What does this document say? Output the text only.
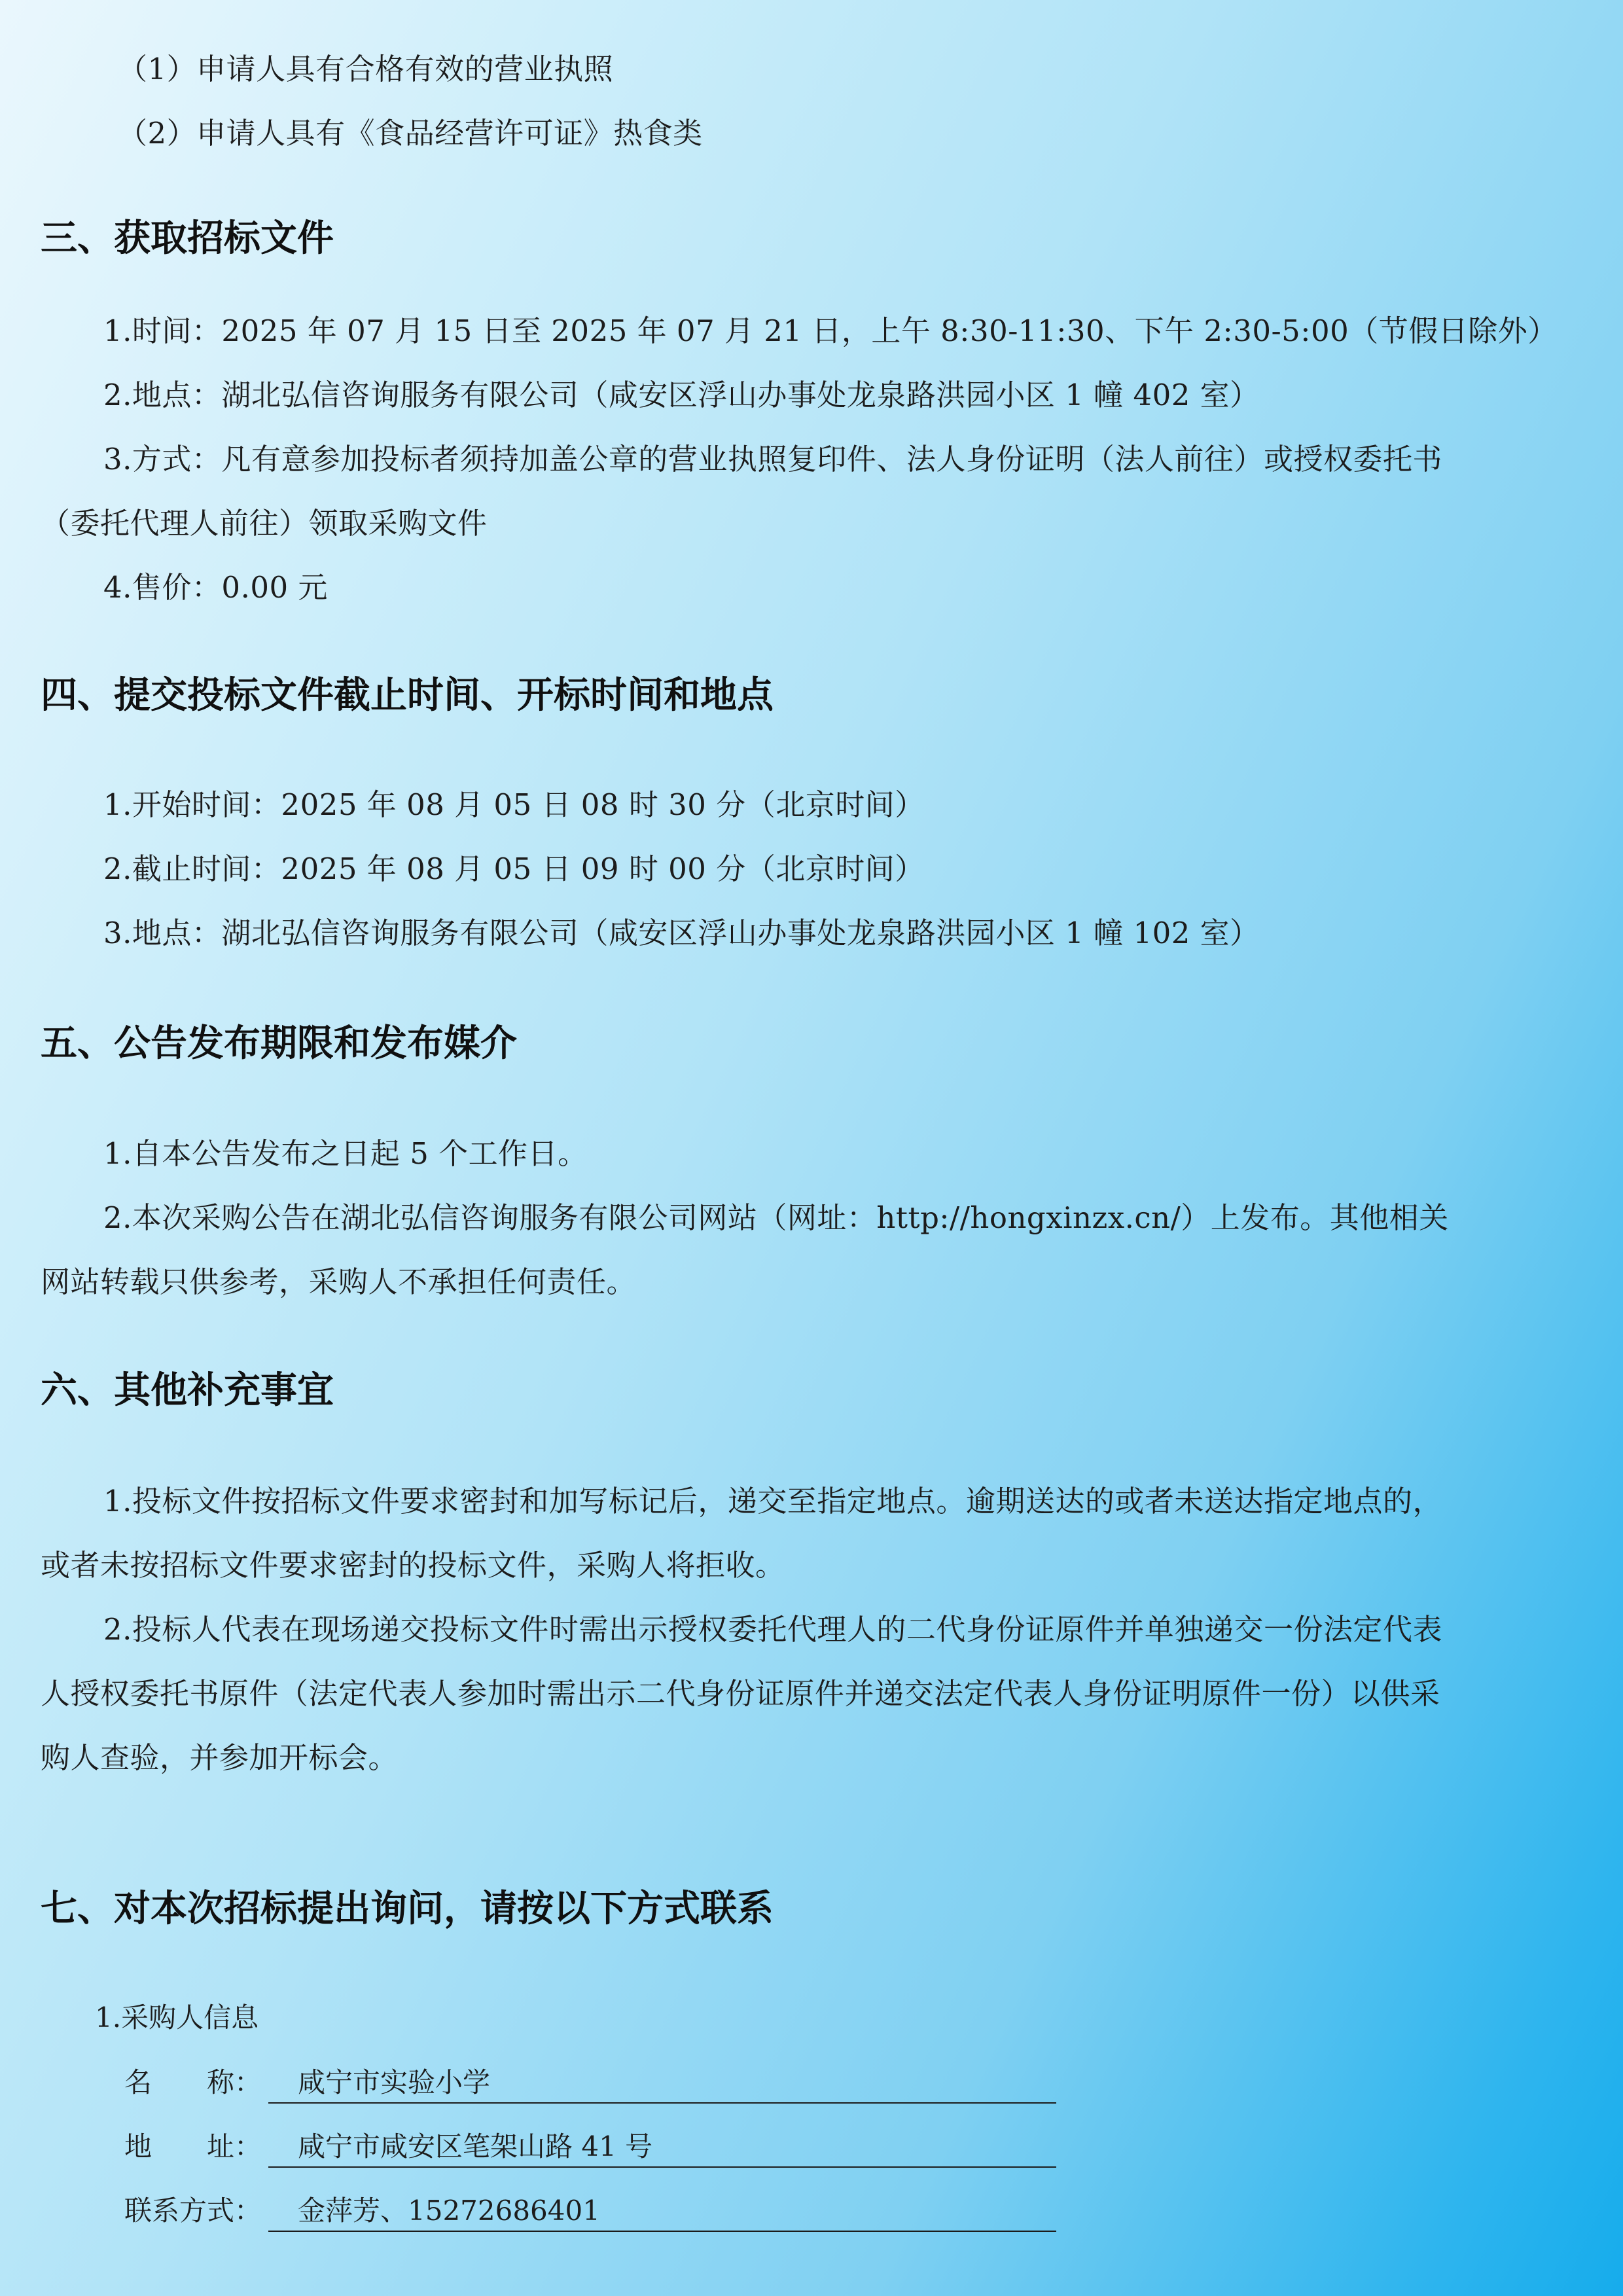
（1）申请人具有合格有效的营业执照
（2）申请人具有《食品经营许可证》热食类
三、获取招标文件
1.时间：2025 年 07 月 15 日至 2025 年 07 月 21 日，上午 8:30-11:30、下午 2:30-5:00（节假日除外）
2.地点：湖北弘信咨询服务有限公司（咸安区浮山办事处龙泉路洪园小区 1 幢 402 室）
3.方式：凡有意参加投标者须持加盖公章的营业执照复印件、法人身份证明（法人前往）或授权委托书
（委托代理人前往）领取采购文件
4.售价：0.00 元
四、提交投标文件截止时间、开标时间和地点
1.开始时间：2025 年 08 月 05 日 08 时 30 分（北京时间）
2.截止时间：2025 年 08 月 05 日 09 时 00 分（北京时间）
3.地点：湖北弘信咨询服务有限公司（咸安区浮山办事处龙泉路洪园小区 1 幢 102 室）
五、公告发布期限和发布媒介
1.自本公告发布之日起 5 个工作日。
2.本次采购公告在湖北弘信咨询服务有限公司网站（网址：http://hongxinzx.cn/）上发布。其他相关
网站转载只供参考，采购人不承担任何责任。
六、其他补充事宜
1.投标文件按招标文件要求密封和加写标记后，递交至指定地点。逾期送达的或者未送达指定地点的，
或者未按招标文件要求密封的投标文件，采购人将拒收。
2.投标人代表在现场递交投标文件时需出示授权委托代理人的二代身份证原件并单独递交一份法定代表
人授权委托书原件（法定代表人参加时需出示二代身份证原件并递交法定代表人身份证明原件一份）以供采
购人查验，并参加开标会。
七、对本次招标提出询问，请按以下方式联系
1.采购人信息
名　　称：	咸宁市实验小学
地　　址：	咸宁市咸安区笔架山路 41 号
联系方式：	金萍芳、15272686401
